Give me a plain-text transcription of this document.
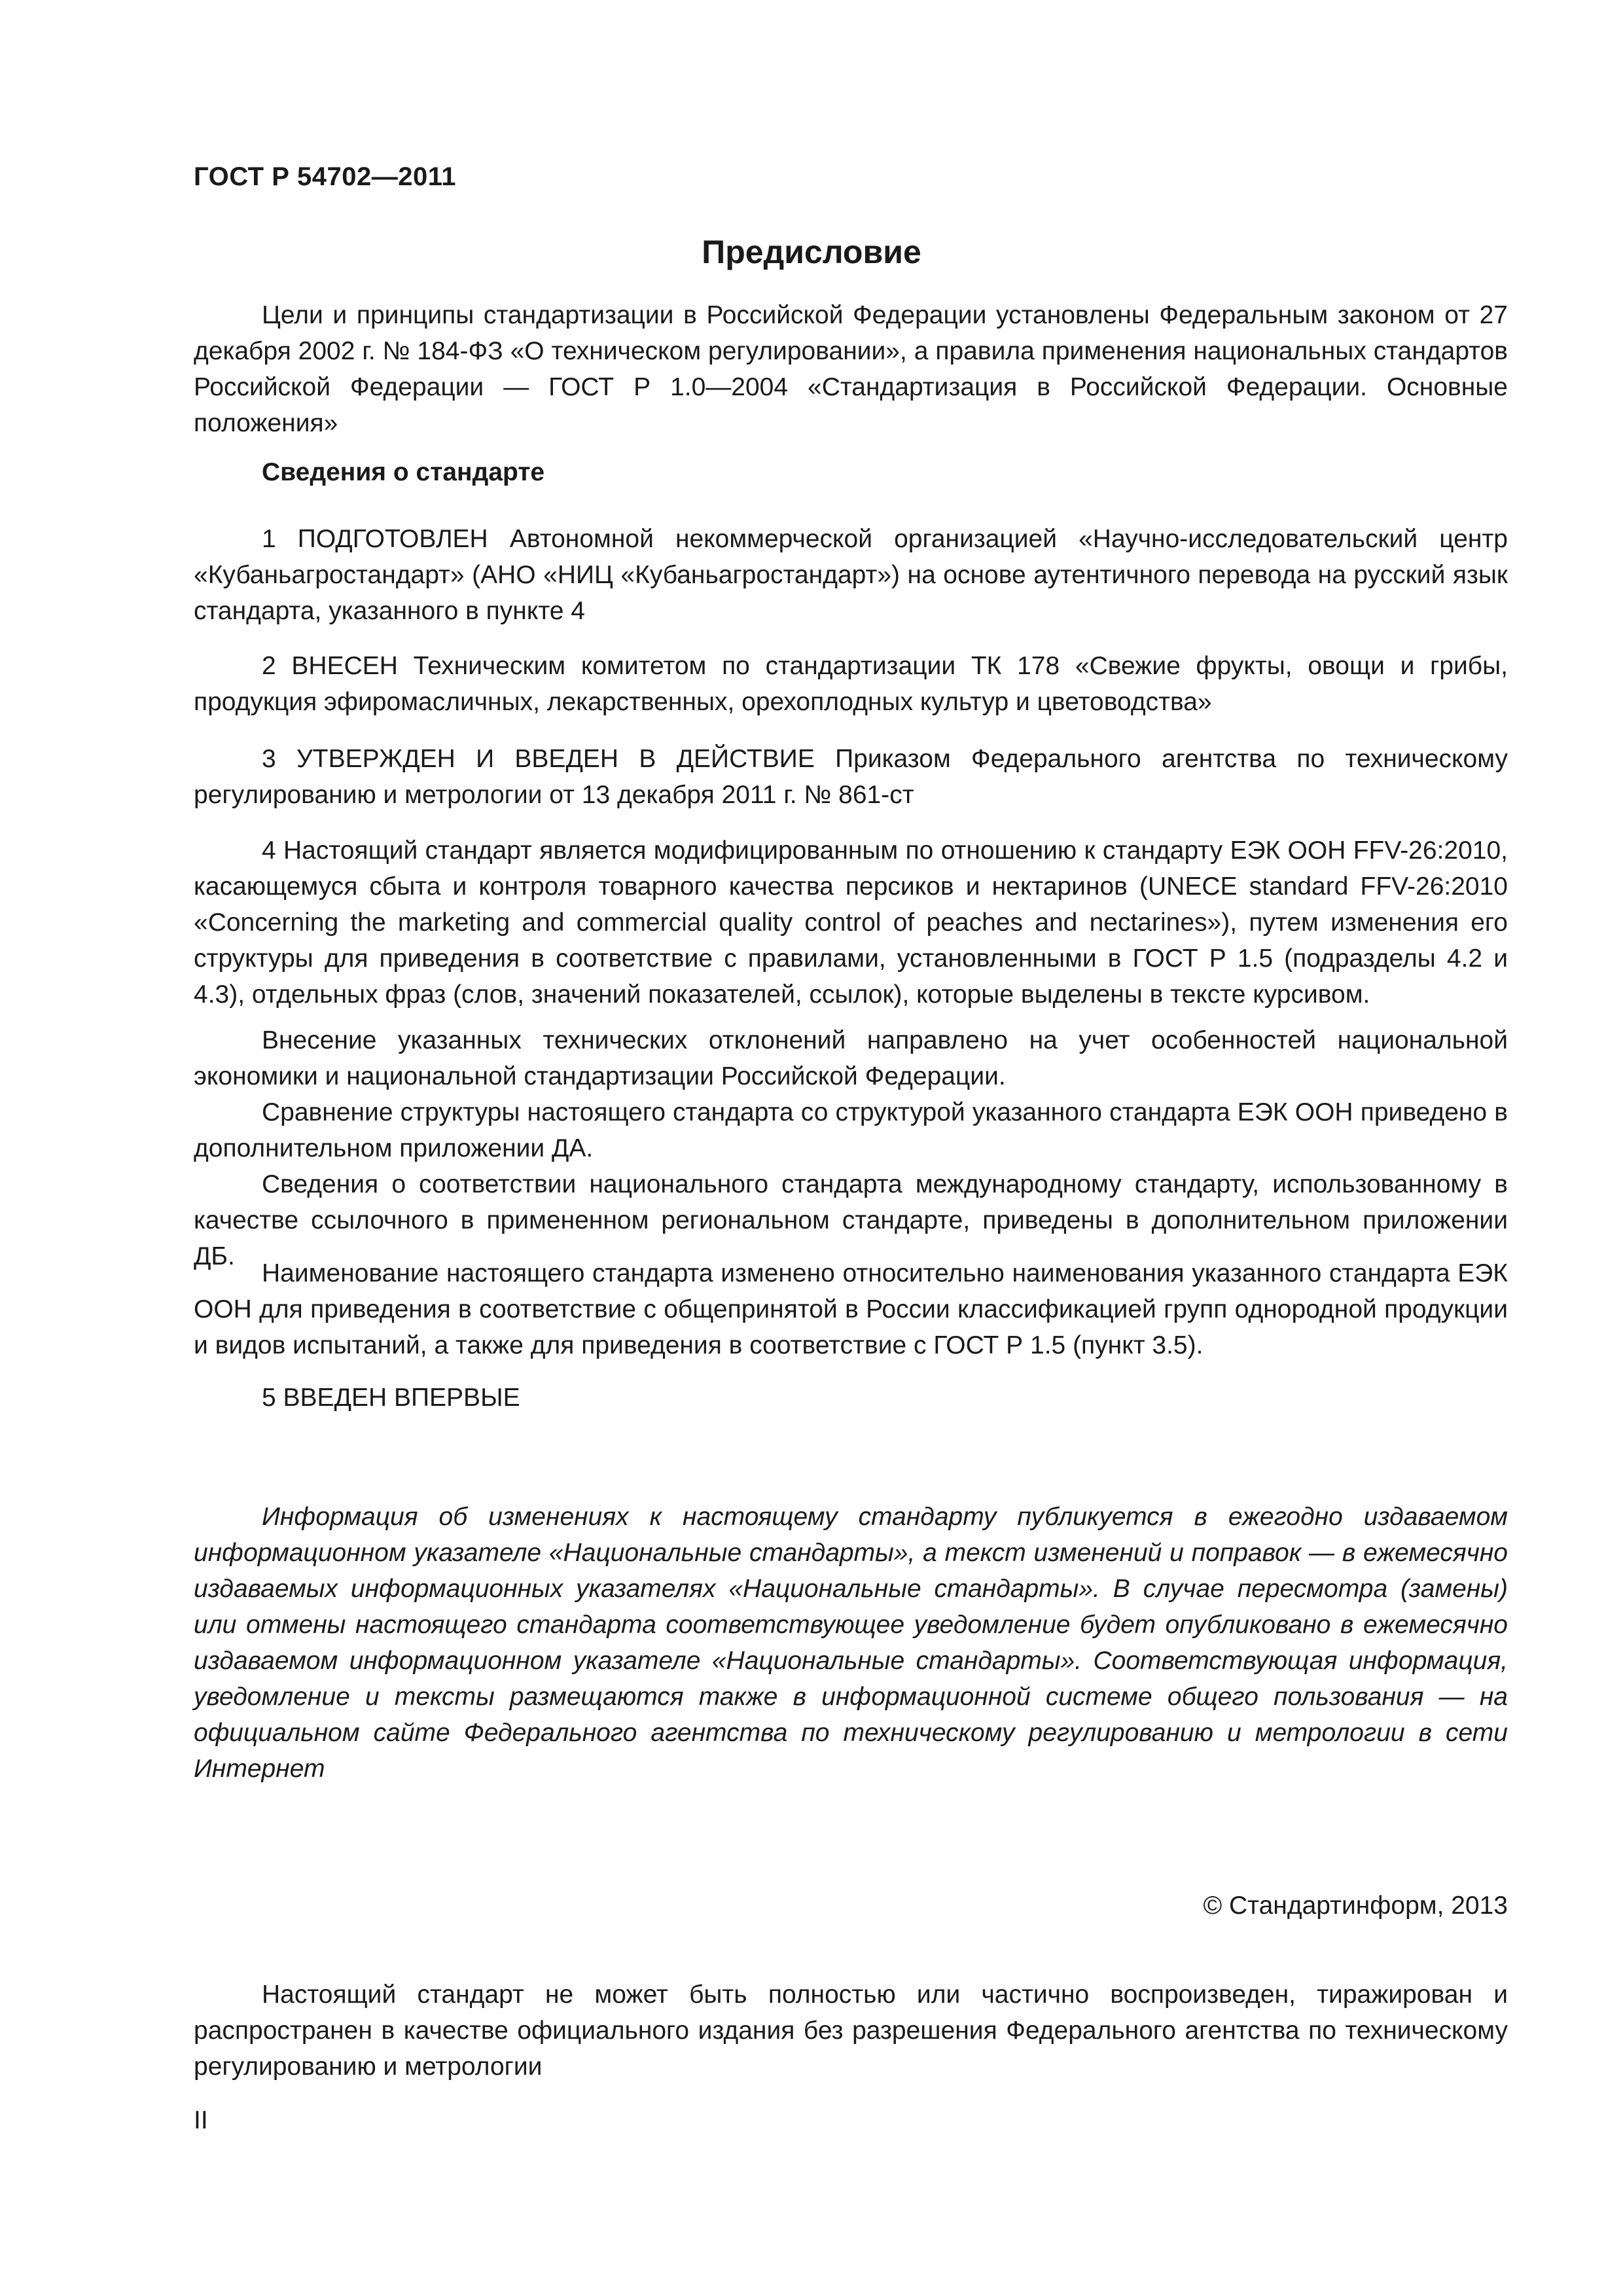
ГОСТ Р 54702—2011
Предисловие

Цели и принципы стандартизации в Российской Федерации установлены Федеральным законом от 27 декабря 2002 г. № 184-ФЗ «О техническом регулировании», а правила применения национальных стандартов Российской Федерации — ГОСТ Р 1.0—2004 «Стандартизация в Российской Федерации. Основные положения»

Сведения о стандарте

1 ПОДГОТОВЛЕН Автономной некоммерческой организацией «Научно-исследовательский центр «Кубаньагростандарт» (АНО «НИЦ «Кубаньагростандарт») на основе аутентичного перевода на русский язык стандарта, указанного в пункте 4

2 ВНЕСЕН Техническим комитетом по стандартизации ТК 178 «Свежие фрукты, овощи и грибы, продукция эфиромасличных, лекарственных, орехоплодных культур и цветоводства»

3 УТВЕРЖДЕН И ВВЕДЕН В ДЕЙСТВИЕ Приказом Федерального агентства по техническому регулированию и метрологии от 13 декабря 2011 г. № 861-ст

4 Настоящий стандарт является модифицированным по отношению к стандарту ЕЭК ООН FFV-26:2010, касающемуся сбыта и контроля товарного качества персиков и нектаринов (UNECE standard FFV-26:2010 «Concerning the marketing and commercial quality control of peaches and nectarines»), путем изменения его структуры для приведения в соответствие с правилами, установленными в ГОСТ Р 1.5 (подразделы 4.2 и 4.3), отдельных фраз (слов, значений показателей, ссылок), которые выделены в тексте курсивом.

Внесение указанных технических отклонений направлено на учет особенностей национальной экономики и национальной стандартизации Российской Федерации.

Сравнение структуры настоящего стандарта со структурой указанного стандарта ЕЭК ООН приведено в дополнительном приложении ДА.

Сведения о соответствии национального стандарта международному стандарту, использованному в качестве ссылочного в примененном региональном стандарте, приведены в дополнительном приложении ДБ.

Наименование настоящего стандарта изменено относительно наименования указанного стандарта ЕЭК ООН для приведения в соответствие с общепринятой в России классификацией групп однородной продукции и видов испытаний, а также для приведения в соответствие с ГОСТ Р 1.5 (пункт 3.5).

5 ВВЕДЕН ВПЕРВЫЕ

Информация об изменениях к настоящему стандарту публикуется в ежегодно издаваемом информационном указателе «Национальные стандарты», а текст изменений и поправок — в ежемесячно издаваемых информационных указателях «Национальные стандарты». В случае пересмотра (замены) или отмены настоящего стандарта соответствующее уведомление будет опубликовано в ежемесячно издаваемом информационном указателе «Национальные стандарты». Соответствующая информация, уведомление и тексты размещаются также в информационной системе общего пользования — на официальном сайте Федерального агентства по техническому регулированию и метрологии в сети Интернет

© Стандартинформ, 2013

Настоящий стандарт не может быть полностью или частично воспроизведен, тиражирован и распространен в качестве официального издания без разрешения Федерального агентства по техническому регулированию и метрологии

II
